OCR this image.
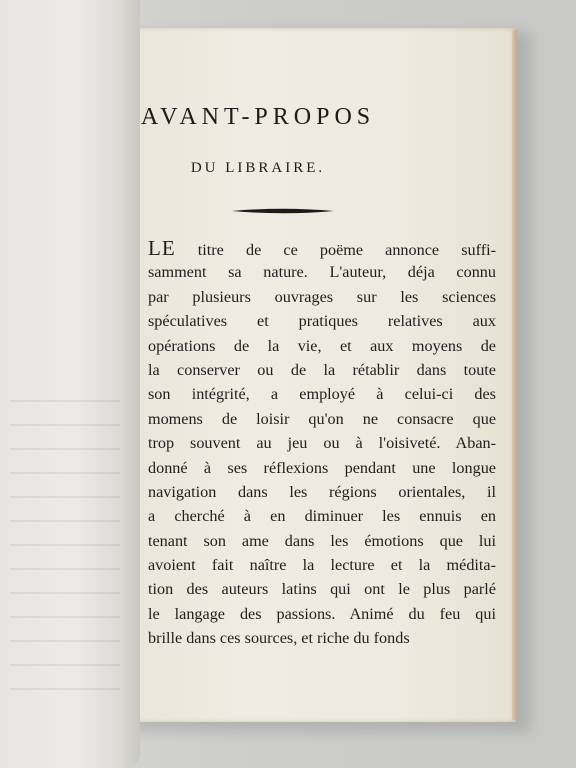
AVANT-PROPOS
DU LIBRAIRE.
LE titre de ce poëme annonce suffi-
samment sa nature. L'auteur, déja connu
par plusieurs ouvrages sur les sciences
spéculatives et pratiques relatives aux
opérations de la vie, et aux moyens de
la conserver ou de la rétablir dans toute
son intégrité, a employé à celui-ci des
momens de loisir qu'on ne consacre que
trop souvent au jeu ou à l'oisiveté. Aban-
donné à ses réflexions pendant une longue
navigation dans les régions orientales, il
a cherché à en diminuer les ennuis en
tenant son ame dans les émotions que lui
avoient fait naître la lecture et la médita-
tion des auteurs latins qui ont le plus parlé
le langage des passions. Animé du feu qui
brille dans ces sources, et riche du fonds
